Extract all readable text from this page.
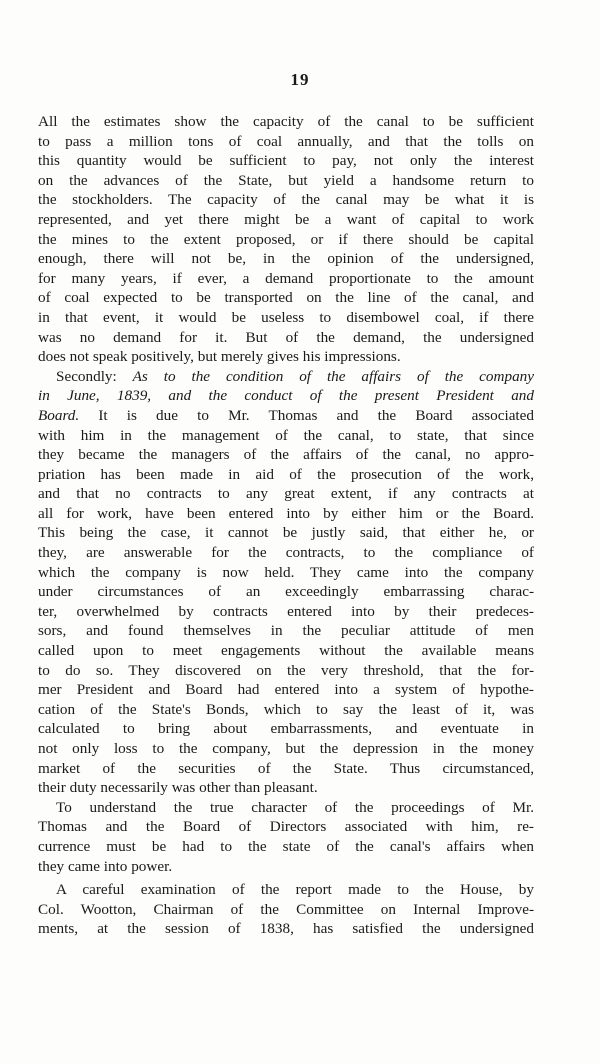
19
All the estimates show the capacity of the canal to be sufficient
to pass a million tons of coal annually, and that the tolls on
this quantity would be sufficient to pay, not only the interest
on the advances of the State, but yield a handsome return to
the stockholders. The capacity of the canal may be what it is
represented, and yet there might be a want of capital to work
the mines to the extent proposed, or if there should be capital
enough, there will not be, in the opinion of the undersigned,
for many years, if ever, a demand proportionate to the amount
of coal expected to be transported on the line of the canal, and
in that event, it would be useless to disembowel coal, if there
was no demand for it. But of the demand, the undersigned
does not speak positively, but merely gives his impressions.
Secondly: As to the condition of the affairs of the company
in June, 1839, and the conduct of the present President and
Board. It is due to Mr. Thomas and the Board associated
with him in the management of the canal, to state, that since
they became the managers of the affairs of the canal, no appro-
priation has been made in aid of the prosecution of the work,
and that no contracts to any great extent, if any contracts at
all for work, have been entered into by either him or the Board.
This being the case, it cannot be justly said, that either he, or
they, are answerable for the contracts, to the compliance of
which the company is now held. They came into the company
under circumstances of an exceedingly embarrassing charac-
ter, overwhelmed by contracts entered into by their predeces-
sors, and found themselves in the peculiar attitude of men
called upon to meet engagements without the available means
to do so. They discovered on the very threshold, that the for-
mer President and Board had entered into a system of hypothe-
cation of the State's Bonds, which to say the least of it, was
calculated to bring about embarrassments, and eventuate in
not only loss to the company, but the depression in the money
market of the securities of the State. Thus circumstanced,
their duty necessarily was other than pleasant.
To understand the true character of the proceedings of Mr.
Thomas and the Board of Directors associated with him, re-
currence must be had to the state of the canal's affairs when
they came into power.
A careful examination of the report made to the House, by
Col. Wootton, Chairman of the Committee on Internal Improve-
ments, at the session of 1838, has satisfied the undersigned
